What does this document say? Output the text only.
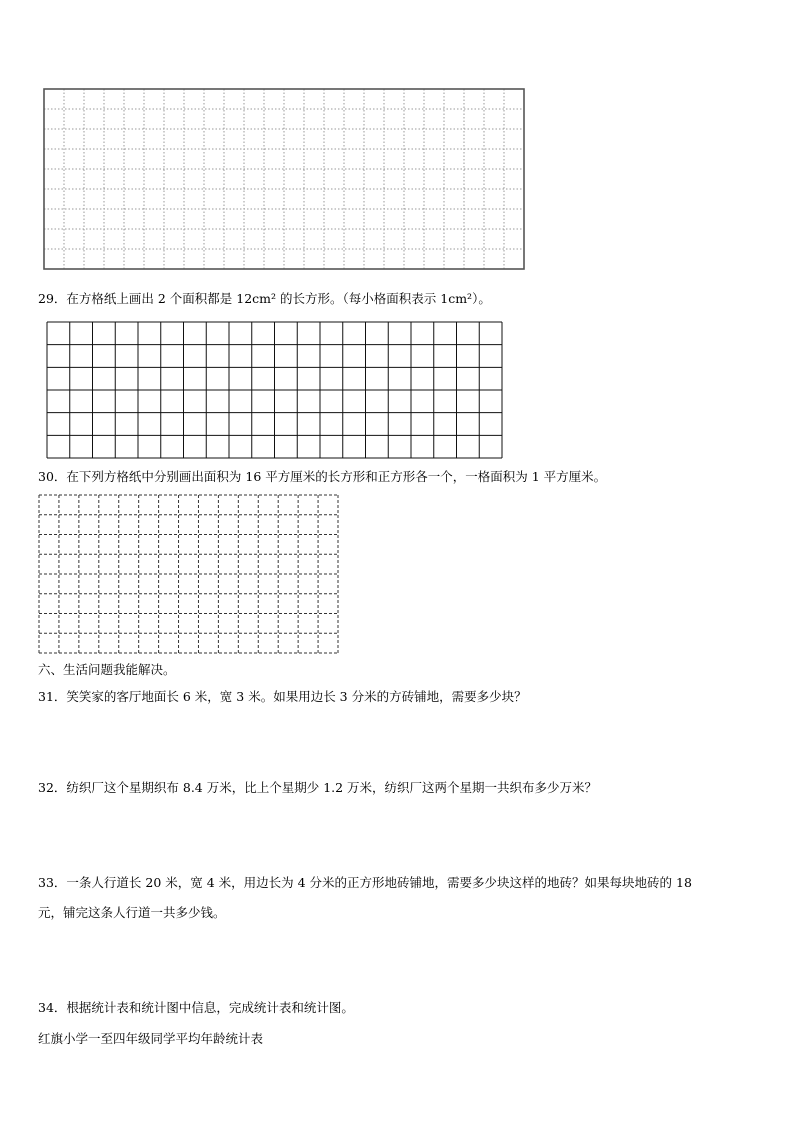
29．在方格纸上画出 2 个面积都是 12cm² 的长方形。（每小格面积表示 1cm²）。
30．在下列方格纸中分别画出面积为 16 平方厘米的长方形和正方形各一个，一格面积为 1 平方厘米。
六、生活问题我能解决。
31．笑笑家的客厅地面长 6 米，宽 3 米。如果用边长 3 分米的方砖铺地，需要多少块？
32．纺织厂这个星期织布 8.4 万米，比上个星期少 1.2 万米，纺织厂这两个星期一共织布多少万米？
33．一条人行道长 20 米，宽 4 米，用边长为 4 分米的正方形地砖铺地，需要多少块这样的地砖？如果每块地砖的 18
元，铺完这条人行道一共多少钱。
34．根据统计表和统计图中信息，完成统计表和统计图。
红旗小学一至四年级同学平均年龄统计表
